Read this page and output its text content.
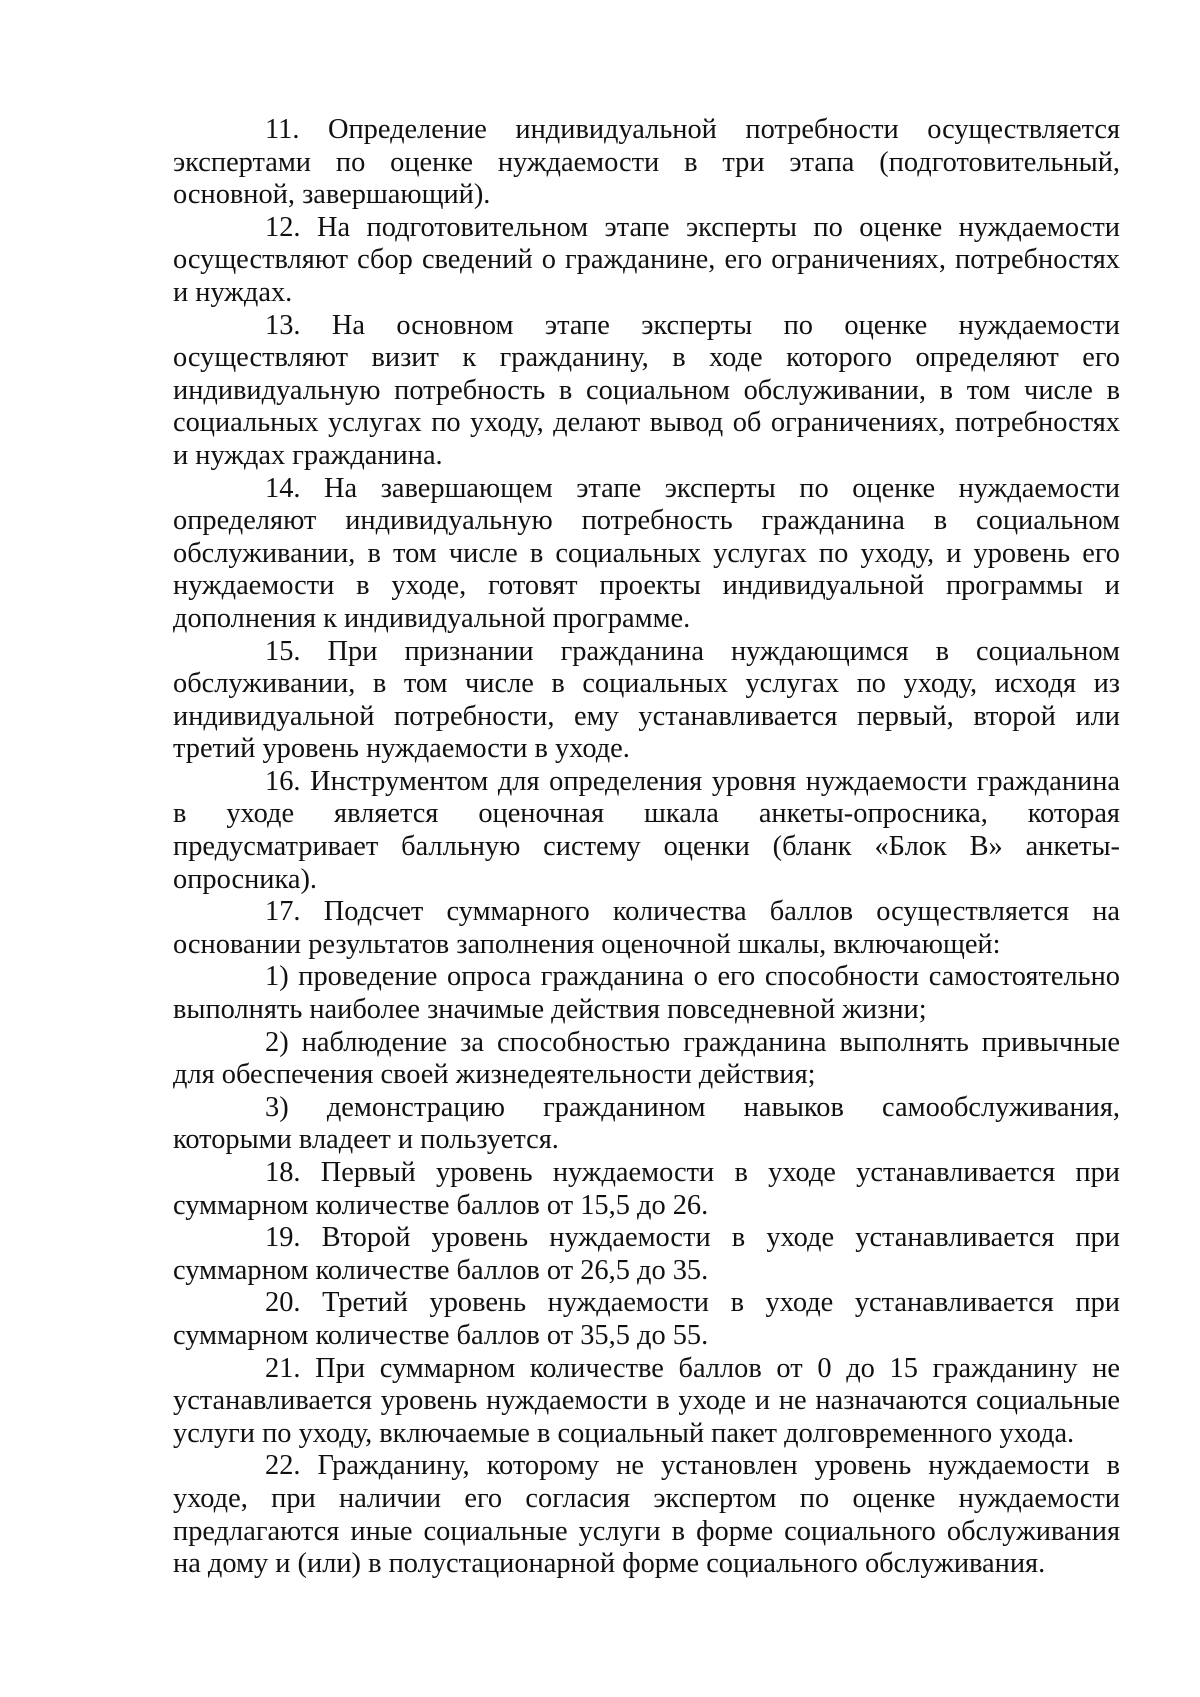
11. Определение индивидуальной потребности осуществляется экспертами по оценке нуждаемости в три этапа (подготовительный, основной, завершающий).

12. На подготовительном этапе эксперты по оценке нуждаемости осуществляют сбор сведений о гражданине, его ограничениях, потребностях и нуждах.

13. На основном этапе эксперты по оценке нуждаемости осуществляют визит к гражданину, в ходе которого определяют его индивидуальную потребность в социальном обслуживании, в том числе в социальных услугах по уходу, делают вывод об ограничениях, потребностях и нуждах гражданина.

14. На завершающем этапе эксперты по оценке нуждаемости определяют индивидуальную потребность гражданина в социальном обслуживании, в том числе в социальных услугах по уходу, и уровень его нуждаемости в уходе, готовят проекты индивидуальной программы и дополнения к индивидуальной программе.

15. При признании гражданина нуждающимся в социальном обслуживании, в том числе в социальных услугах по уходу, исходя из индивидуальной потребности, ему устанавливается первый, второй или третий уровень нуждаемости в уходе.

16. Инструментом для определения уровня нуждаемости гражданина в уходе является оценочная шкала анкеты-опросника, которая предусматривает балльную систему оценки (бланк «Блок В» анкеты-опросника).

17. Подсчет суммарного количества баллов осуществляется на основании результатов заполнения оценочной шкалы, включающей:

1) проведение опроса гражданина о его способности самостоятельно выполнять наиболее значимые действия повседневной жизни;

2) наблюдение за способностью гражданина выполнять привычные для обеспечения своей жизнедеятельности действия;

3) демонстрацию гражданином навыков самообслуживания, которыми владеет и пользуется.

18. Первый уровень нуждаемости в уходе устанавливается при суммарном количестве баллов от 15,5 до 26.

19. Второй уровень нуждаемости в уходе устанавливается при суммарном количестве баллов от 26,5 до 35.

20. Третий уровень нуждаемости в уходе устанавливается при суммарном количестве баллов от 35,5 до 55.

21. При суммарном количестве баллов от 0 до 15 гражданину не устанавливается уровень нуждаемости в уходе и не назначаются социальные услуги по уходу, включаемые в социальный пакет долговременного ухода.

22. Гражданину, которому не установлен уровень нуждаемости в уходе, при наличии его согласия экспертом по оценке нуждаемости предлагаются иные социальные услуги в форме социального обслуживания на дому и (или) в полустационарной форме социального обслуживания.
